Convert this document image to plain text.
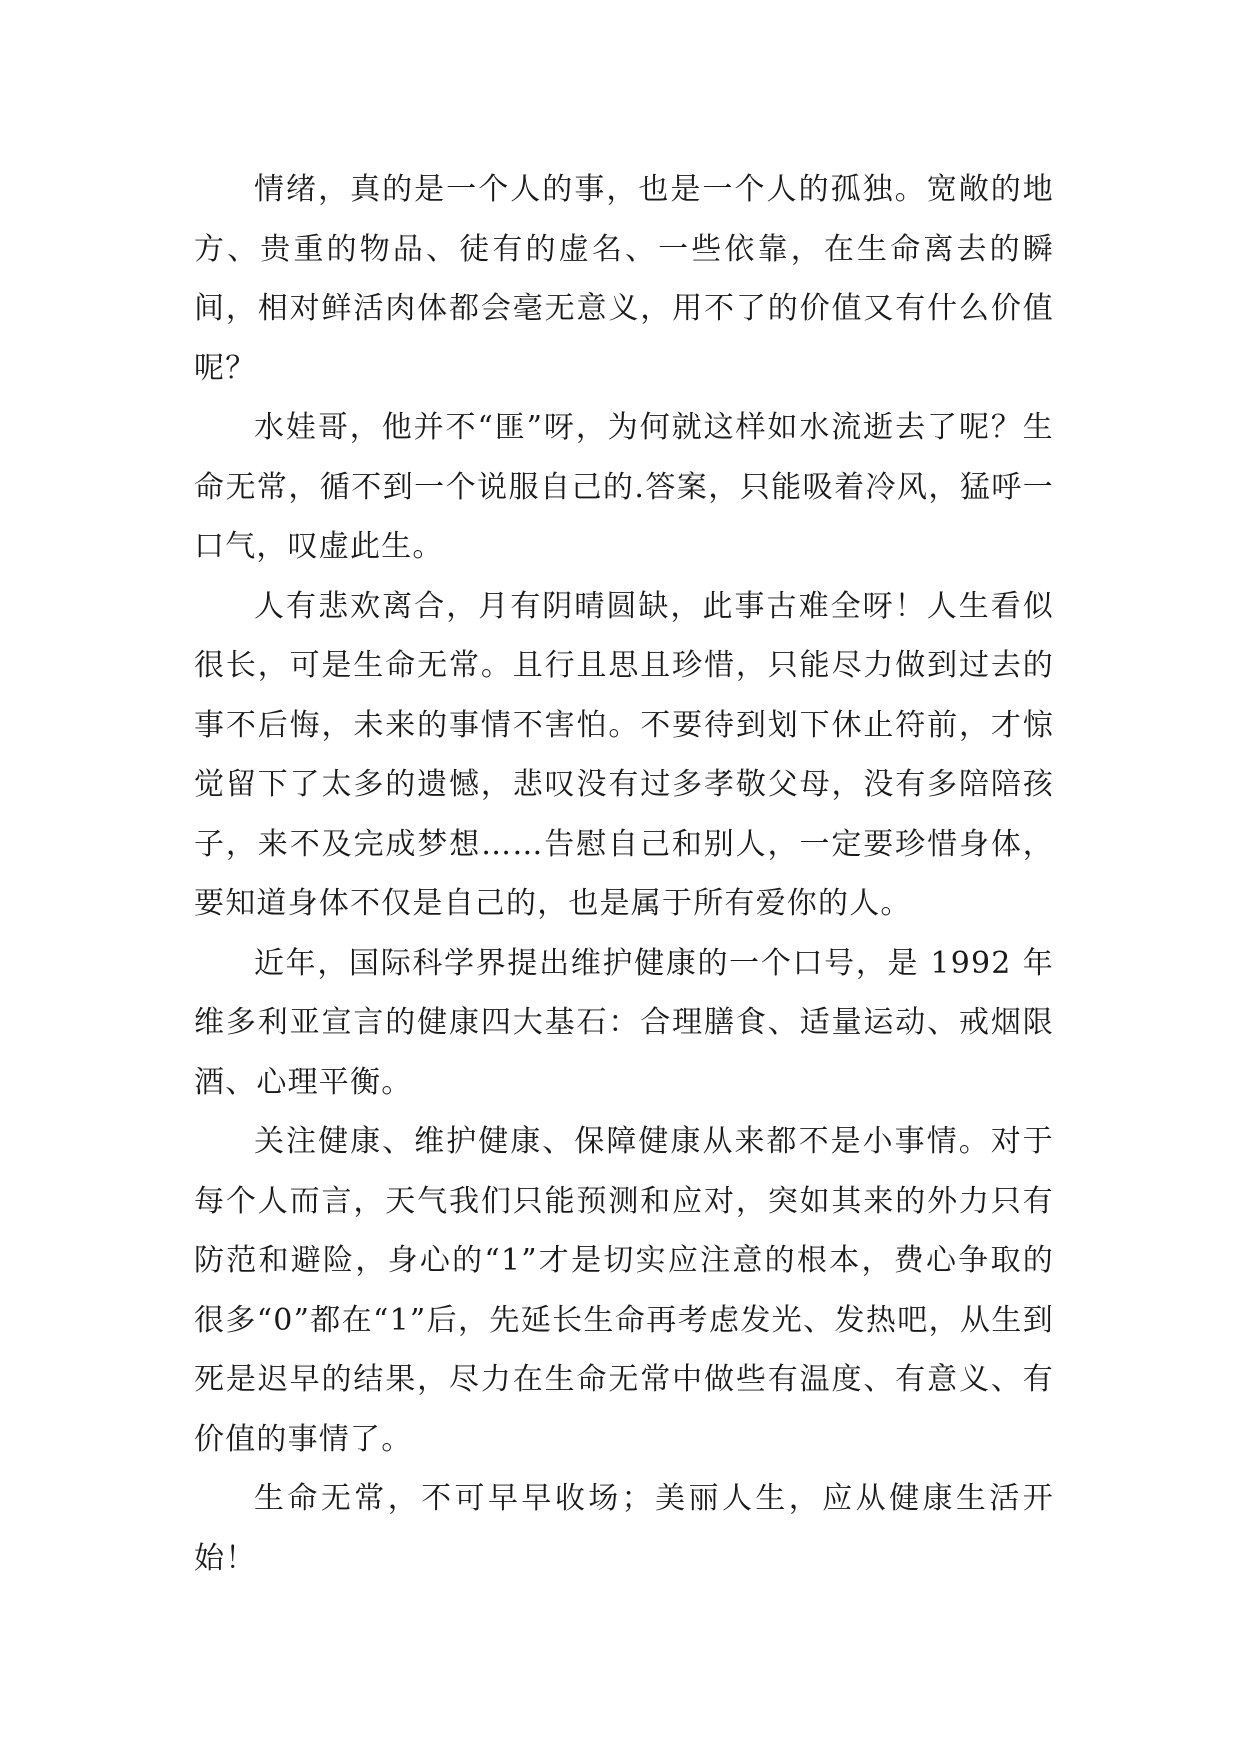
情绪，真的是一个人的事，也是一个人的孤独。宽敞的地方、贵重的物品、徒有的虚名、一些依靠，在生命离去的瞬间，相对鲜活肉体都会毫无意义，用不了的价值又有什么价值呢？

水娃哥，他并不“匪”呀，为何就这样如水流逝去了呢？生命无常，循不到一个说服自己的.答案，只能吸着冷风，猛呼一口气，叹虚此生。

人有悲欢离合，月有阴晴圆缺，此事古难全呀！人生看似很长，可是生命无常。且行且思且珍惜，只能尽力做到过去的事不后悔，未来的事情不害怕。不要待到划下休止符前，才惊觉留下了太多的遗憾，悲叹没有过多孝敬父母，没有多陪陪孩子，来不及完成梦想……告慰自己和别人，一定要珍惜身体，要知道身体不仅是自己的，也是属于所有爱你的人。

近年，国际科学界提出维护健康的一个口号，是 1992 年维多利亚宣言的健康四大基石：合理膳食、适量运动、戒烟限酒、心理平衡。

关注健康、维护健康、保障健康从来都不是小事情。对于每个人而言，天气我们只能预测和应对，突如其来的外力只有防范和避险，身心的“1”才是切实应注意的根本，费心争取的很多“0”都在“1”后，先延长生命再考虑发光、发热吧，从生到死是迟早的结果，尽力在生命无常中做些有温度、有意义、有价值的事情了。

生命无常，不可早早收场；美丽人生，应从健康生活开始！
